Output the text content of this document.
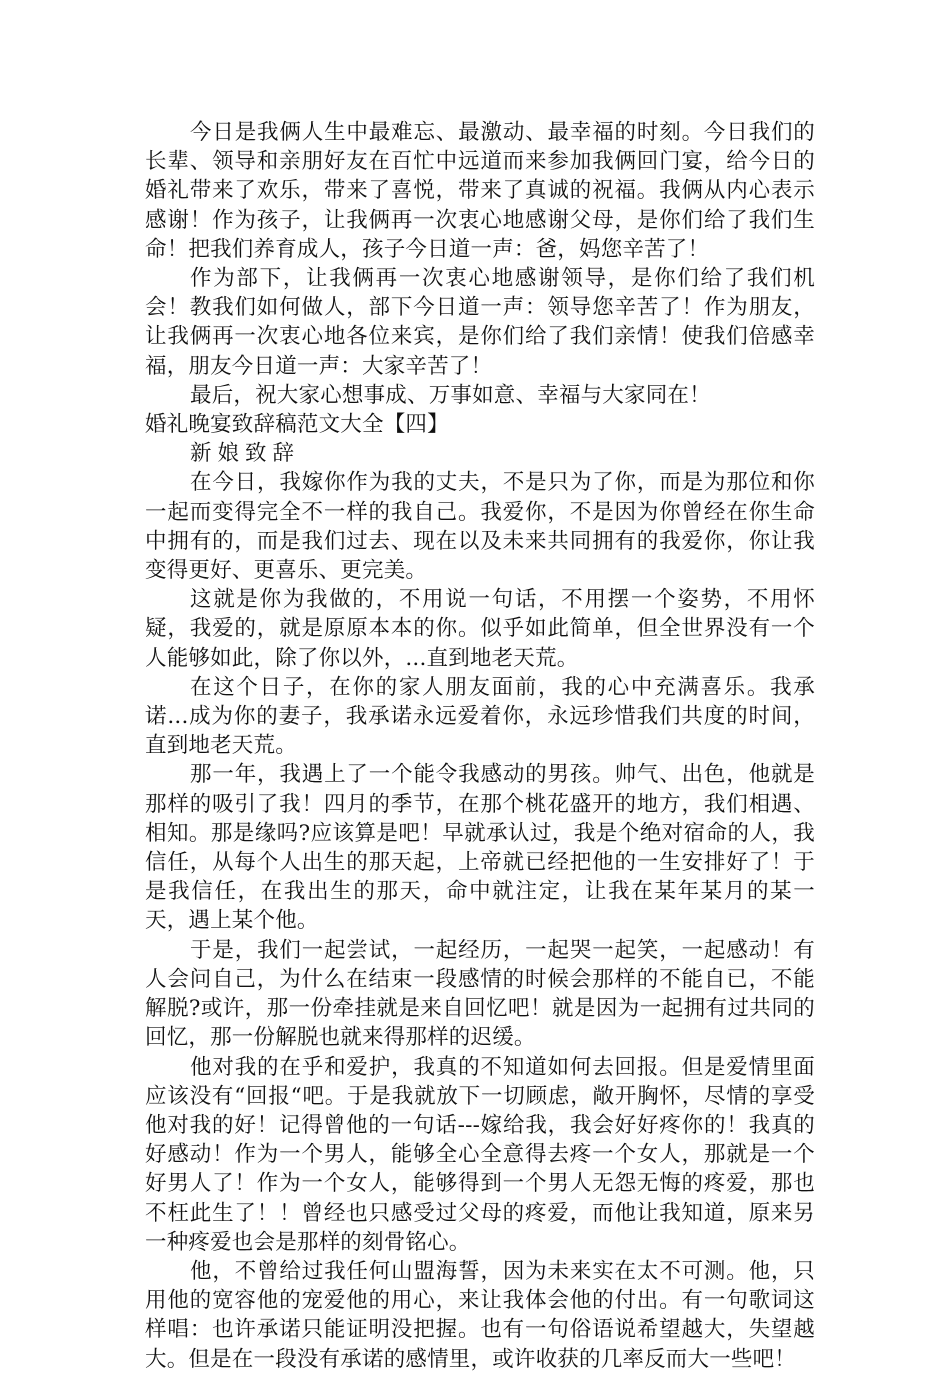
今日是我俩人生中最难忘、最激动、最幸福的时刻。今日我们的长辈、领导和亲朋好友在百忙中远道而来参加我俩回门宴，给今日的婚礼带来了欢乐，带来了喜悦，带来了真诚的祝福。我俩从内心表示感谢！作为孩子，让我俩再一次衷心地感谢父母，是你们给了我们生命！把我们养育成人，孩子今日道一声：爸，妈您辛苦了！

作为部下，让我俩再一次衷心地感谢领导，是你们给了我们机会！教我们如何做人，部下今日道一声：领导您辛苦了！作为朋友，让我俩再一次衷心地各位来宾，是你们给了我们亲情！使我们倍感幸福，朋友今日道一声：大家辛苦了！

最后，祝大家心想事成、万事如意、幸福与大家同在！

婚礼晚宴致辞稿范文大全【四】

新娘致辞

在今日，我嫁你作为我的丈夫，不是只为了你，而是为那位和你一起而变得完全不一样的我自己。我爱你，不是因为你曾经在你生命中拥有的，而是我们过去、现在以及未来共同拥有的我爱你，你让我变得更好、更喜乐、更完美。

这就是你为我做的，不用说一句话，不用摆一个姿势，不用怀疑，我爱的，就是原原本本的你。似乎如此简单，但全世界没有一个人能够如此，除了你以外，...直到地老天荒。

在这个日子，在你的家人朋友面前，我的心中充满喜乐。我承诺...成为你的妻子，我承诺永远爱着你，永远珍惜我们共度的时间，直到地老天荒。

那一年，我遇上了一个能令我感动的男孩。帅气、出色，他就是那样的吸引了我！四月的季节，在那个桃花盛开的地方，我们相遇、相知。那是缘吗?应该算是吧！早就承认过，我是个绝对宿命的人，我信任，从每个人出生的那天起，上帝就已经把他的一生安排好了！于是我信任，在我出生的那天，命中就注定，让我在某年某月的某一天，遇上某个他。

于是，我们一起尝试，一起经历，一起哭一起笑，一起感动！有人会问自己，为什么在结束一段感情的时候会那样的不能自已，不能解脱?或许，那一份牵挂就是来自回忆吧！就是因为一起拥有过共同的回忆，那一份解脱也就来得那样的迟缓。

他对我的在乎和爱护，我真的不知道如何去回报。但是爱情里面应该没有“回报“吧。于是我就放下一切顾虑，敞开胸怀，尽情的享受他对我的好！记得曾他的一句话---嫁给我，我会好好疼你的！我真的好感动！作为一个男人，能够全心全意得去疼一个女人，那就是一个好男人了！作为一个女人，能够得到一个男人无怨无悔的疼爱，那也不枉此生了！！曾经也只感受过父母的疼爱，而他让我知道，原来另一种疼爱也会是那样的刻骨铭心。

他，不曾给过我任何山盟海誓，因为未来实在太不可测。他，只用他的宽容他的宠爱他的用心，来让我体会他的付出。有一句歌词这样唱：也许承诺只能证明没把握。也有一句俗语说希望越大，失望越大。但是在一段没有承诺的感情里，或许收获的几率反而大一些吧！
